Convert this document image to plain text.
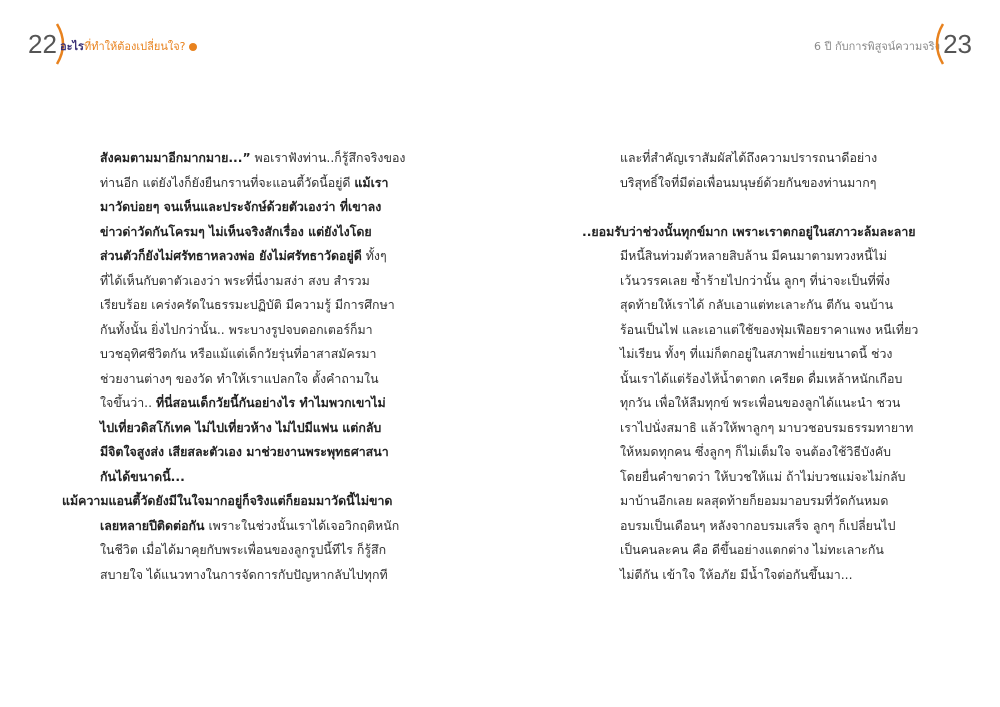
22 อะไรที่ทำให้ต้องเปลี่ยนใจ?

สังคมตามมาอีกมากมาย...” พอเราฟังท่าน..ก็รู้สึกจริงของ

ท่านอีก แต่ยังไงก็ยังยืนกรานที่จะแอนตี้วัดนี้อยู่ดี แม้เรา

มาวัดบ่อยๆ จนเห็นและประจักษ์ด้วยตัวเองว่า ที่เขาลง

ข่าวด่าวัดกันโครมๆ ไม่เห็นจริงสักเรื่อง แต่ยังไงโดย

ส่วนตัวก็ยังไม่ศรัทธาหลวงพ่อ ยังไม่ศรัทธาวัดอยู่ดี ทั้งๆ

ที่ได้เห็นกับตาตัวเองว่า พระที่นี่งามสง่า สงบ สำรวม

เรียบร้อย เคร่งครัดในธรรมะปฏิบัติ มีความรู้ มีการศึกษา

กันทั้งนั้น ยิ่งไปกว่านั้น.. พระบางรูปจบดอกเตอร์ก็มา

บวชอุทิศชีวิตกัน หรือแม้แต่เด็กวัยรุ่นที่อาสาสมัครมา

ช่วยงานต่างๆ ของวัด ทำให้เราแปลกใจ ตั้งคำถามใน

ใจขึ้นว่า.. ที่นี่สอนเด็กวัยนี้กันอย่างไร ทำไมพวกเขาไม่

ไปเที่ยวดิสโก้เทค ไม่ไปเที่ยวห้าง ไม่ไปมีแฟน แต่กลับ

มีจิตใจสูงส่ง เสียสละตัวเอง มาช่วยงานพระพุทธศาสนา

กันได้ขนาดนี้...

แม้ความแอนตี้วัดยังมีในใจมากอยู่ก็จริงแต่ก็ยอมมาวัดนี้ไม่ขาด

เลยหลายปีติดต่อกัน เพราะในช่วงนั้นเราได้เจอวิกฤติหนัก

ในชีวิต เมื่อได้มาคุยกับพระเพื่อนของลูกรูปนี้ทีไร ก็รู้สึก

สบายใจ ได้แนวทางในการจัดการกับปัญหากลับไปทุกที

6 ปี กับการพิสูจน์ความจริง 23

และที่สำคัญเราสัมผัสได้ถึงความปรารถนาดีอย่าง

บริสุทธิ์ใจที่มีต่อเพื่อนมนุษย์ด้วยกันของท่านมากๆ

..ยอมรับว่าช่วงนั้นทุกข์มาก เพราะเราตกอยู่ในสภาวะล้มละลาย

มีหนี้สินท่วมตัวหลายสิบล้าน มีคนมาตามทวงหนี้ไม่

เว้นวรรคเลย ซ้ำร้ายไปกว่านั้น ลูกๆ ที่น่าจะเป็นที่พึ่ง

สุดท้ายให้เราได้ กลับเอาแต่ทะเลาะกัน ตีกัน จนบ้าน

ร้อนเป็นไฟ และเอาแต่ใช้ของฟุ่มเฟือยราคาแพง หนีเที่ยว

ไม่เรียน ทั้งๆ ที่แม่ก็ตกอยู่ในสภาพย่ำแย่ขนาดนี้ ช่วง

นั้นเราได้แต่ร้องไห้น้ำตาตก เครียด ดื่มเหล้าหนักเกือบ

ทุกวัน เพื่อให้ลืมทุกข์ พระเพื่อนของลูกได้แนะนำ ชวน

เราไปนั่งสมาธิ แล้วให้พาลูกๆ มาบวชอบรมธรรมทายาท

ให้หมดทุกคน ซึ่งลูกๆ ก็ไม่เต็มใจ จนต้องใช้วิธีบังคับ

โดยยื่นคำขาดว่า ให้บวชให้แม่ ถ้าไม่บวชแม่จะไม่กลับ

มาบ้านอีกเลย ผลสุดท้ายก็ยอมมาอบรมที่วัดกันหมด

อบรมเป็นเดือนๆ หลังจากอบรมเสร็จ ลูกๆ ก็เปลี่ยนไป

เป็นคนละคน คือ ดีขึ้นอย่างแตกต่าง ไม่ทะเลาะกัน

ไม่ตีกัน เข้าใจ ให้อภัย มีน้ำใจต่อกันขึ้นมา...
